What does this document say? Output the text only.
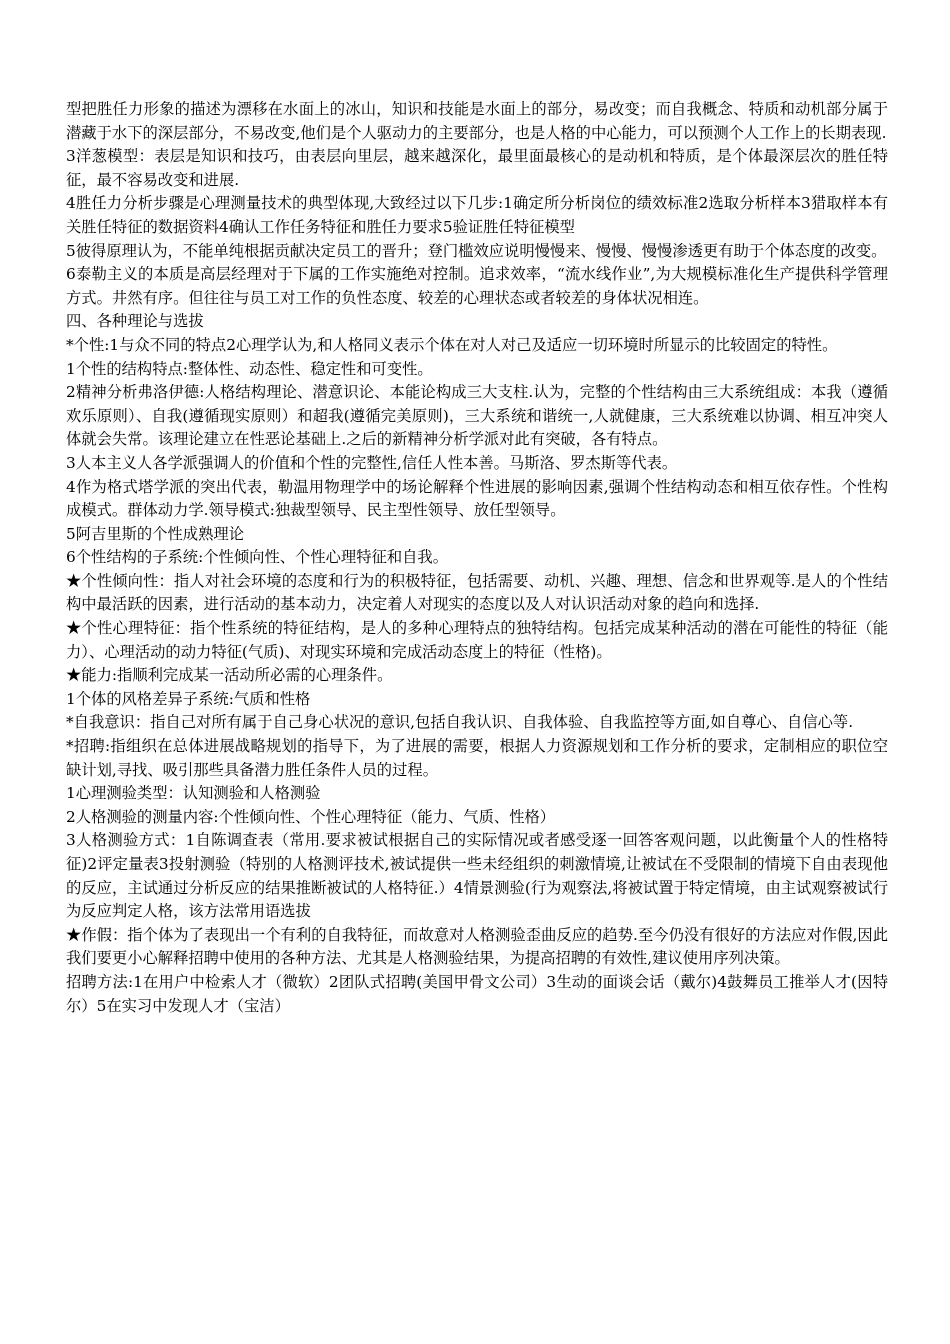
型把胜任力形象的描述为漂移在水面上的冰山，知识和技能是水面上的部分，易改变；而自我概念、特质和动机部分属于潜藏于水下的深层部分，不易改变,他们是个人驱动力的主要部分，也是人格的中心能力，可以预测个人工作上的长期表现.

3洋葱模型：表层是知识和技巧，由表层向里层，越来越深化，最里面最核心的是动机和特质，是个体最深层次的胜任特征，最不容易改变和进展.

4胜任力分析步骤是心理测量技术的典型体现,大致经过以下几步:1确定所分析岗位的绩效标准2选取分析样本3猎取样本有关胜任特征的数据资料4确认工作任务特征和胜任力要求5验证胜任特征模型

5彼得原理认为，不能单纯根据贡献决定员工的晋升；登门槛效应说明慢慢来、慢慢、慢慢渗透更有助于个体态度的改变。

6泰勒主义的本质是高层经理对于下属的工作实施绝对控制。追求效率，“流水线作业”,为大规模标准化生产提供科学管理方式。井然有序。但往往与员工对工作的负性态度、较差的心理状态或者较差的身体状况相连。

四、各种理论与选拔

*个性:1与众不同的特点2心理学认为,和人格同义表示个体在对人对己及适应一切环境时所显示的比较固定的特性。

1个性的结构特点:整体性、动态性、稳定性和可变性。

2精神分析弗洛伊德:人格结构理论、潜意识论、本能论构成三大支柱.认为，完整的个性结构由三大系统组成：本我（遵循欢乐原则）、自我(遵循现实原则）和超我(遵循完美原则)，三大系统和谐统一,人就健康，三大系统难以协调、相互冲突人体就会失常。该理论建立在性恶论基础上.之后的新精神分析学派对此有突破，各有特点。

3人本主义人各学派强调人的价值和个性的完整性,信任人性本善。马斯洛、罗杰斯等代表。

4作为格式塔学派的突出代表，勒温用物理学中的场论解释个性进展的影响因素,强调个性结构动态和相互依存性。个性构成模式。群体动力学.领导模式:独裁型领导、民主型性领导、放任型领导。

5阿吉里斯的个性成熟理论

6个性结构的子系统:个性倾向性、个性心理特征和自我。

★个性倾向性：指人对社会环境的态度和行为的积极特征，包括需要、动机、兴趣、理想、信念和世界观等.是人的个性结构中最活跃的因素，进行活动的基本动力，决定着人对现实的态度以及人对认识活动对象的趋向和选择.

★个性心理特征：指个性系统的特征结构，是人的多种心理特点的独特结构。包括完成某种活动的潜在可能性的特征（能力）、心理活动的动力特征(气质)、对现实环境和完成活动态度上的特征（性格)。

★能力:指顺利完成某一活动所必需的心理条件。

1个体的风格差异子系统:气质和性格

*自我意识：指自己对所有属于自己身心状况的意识,包括自我认识、自我体验、自我监控等方面,如自尊心、自信心等.

*招聘:指组织在总体进展战略规划的指导下，为了进展的需要，根据人力资源规划和工作分析的要求，定制相应的职位空缺计划,寻找、吸引那些具备潜力胜任条件人员的过程。

1心理测验类型：认知测验和人格测验

2人格测验的测量内容:个性倾向性、个性心理特征（能力、气质、性格）

3人格测验方式：1自陈调查表（常用.要求被试根据自己的实际情况或者感受逐一回答客观问题，以此衡量个人的性格特征)2评定量表3投射测验（特别的人格测评技术,被试提供一些未经组织的刺激情境,让被试在不受限制的情境下自由表现他的反应，主试通过分析反应的结果推断被试的人格特征.）4情景测验(行为观察法,将被试置于特定情境，由主试观察被试行为反应判定人格，该方法常用语选拔

★作假：指个体为了表现出一个有利的自我特征，而故意对人格测验歪曲反应的趋势.至今仍没有很好的方法应对作假,因此我们要更小心解释招聘中使用的各种方法、尤其是人格测验结果，为提高招聘的有效性,建议使用序列决策。

招聘方法:1在用户中检索人才（微软）2团队式招聘(美国甲骨文公司）3生动的面谈会话（戴尔)4鼓舞员工推举人才(因特尔）5在实习中发现人才（宝洁）
